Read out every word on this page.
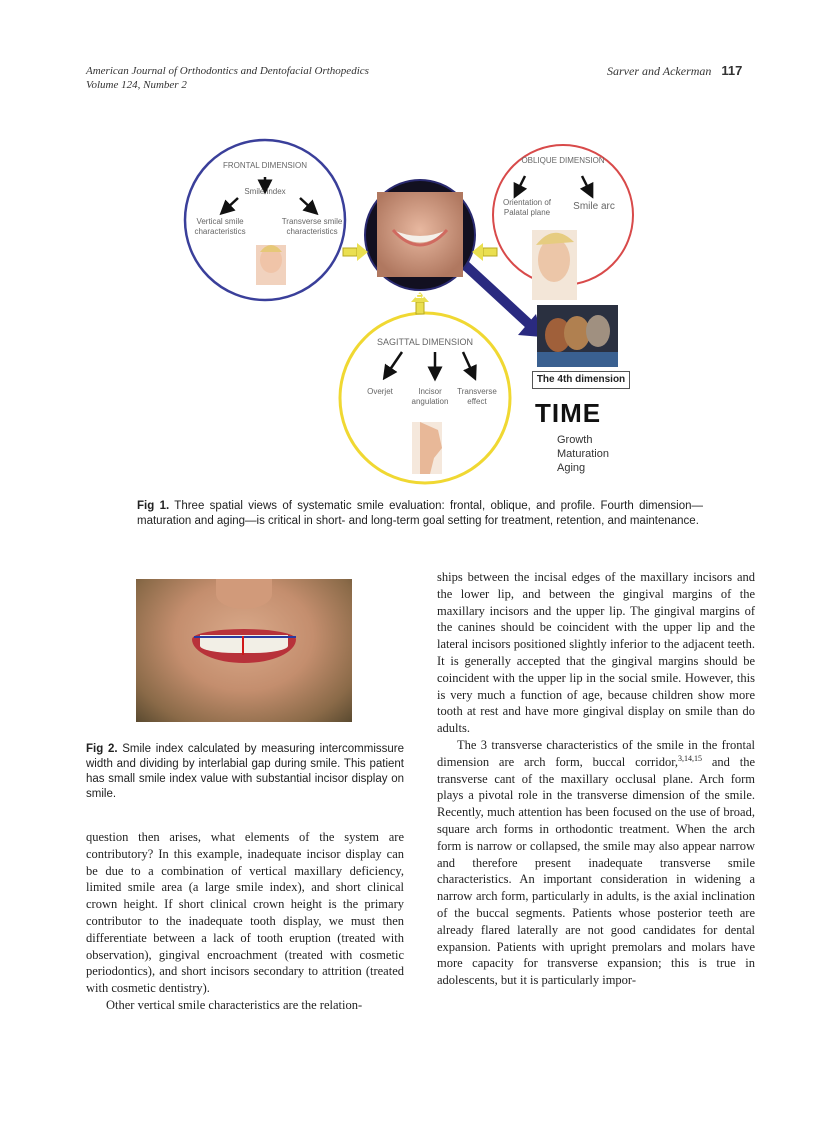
American Journal of Orthodontics and Dentofacial Orthopedics
Volume 124, Number 2
Sarver and Ackerman 117
FRONTAL DIMENSION
Smile index
Vertical smile characteristics
Transverse smile characteristics
OBLIQUE DIMENSION
Orientation of Palatal plane
Smile arc
IDEAL
SAGITTAL DIMENSION
Overjet	Incisor angulation
Transverse effect
The 4th dimension
TIME
Growth
Maturation
Aging
Fig 1. Three spatial views of systematic smile evaluation: frontal, oblique, and profile. Fourth dimension—maturation and aging—is critical in short- and long-term goal setting for treatment, retention, and maintenance.
Fig 2. Smile index calculated by measuring intercommissure width and dividing by interlabial gap during smile. This patient has small smile index value with substantial incisor display on smile.

question then arises, what elements of the system are contributory? In this example, inadequate incisor display can be due to a combination of vertical maxillary deficiency, limited smile area (a large smile index), and short clinical crown height. If short clinical crown height is the primary contributor to the inadequate tooth display, we must then differentiate between a lack of tooth eruption (treated with observation), gingival encroachment (treated with cosmetic periodontics), and short incisors secondary to attrition (treated with cosmetic dentistry).

Other vertical smile characteristics are the relation-

ships between the incisal edges of the maxillary incisors and the lower lip, and between the gingival margins of the maxillary incisors and the upper lip. The gingival margins of the canines should be coincident with the upper lip and the lateral incisors positioned slightly inferior to the adjacent teeth. It is generally accepted that the gingival margins should be coincident with the upper lip in the social smile. However, this is very much a function of age, because children show more tooth at rest and have more gingival display on smile than do adults.

The 3 transverse characteristics of the smile in the frontal dimension are arch form, buccal corridor,$^{3,14,15}$ and the transverse cant of the maxillary occlusal plane. Arch form plays a pivotal role in the transverse dimension of the smile. Recently, much attention has been focused on the use of broad, square arch forms in orthodontic treatment. When the arch form is narrow or collapsed, the smile may also appear narrow and therefore present inadequate transverse smile characteristics. An important consideration in widening a narrow arch form, particularly in adults, is the axial inclination of the buccal segments. Patients whose posterior teeth are already flared laterally are not good candidates for dental expansion. Patients with upright premolars and molars have more capacity for transverse expansion; this is true in adolescents, but it is particularly impor-
